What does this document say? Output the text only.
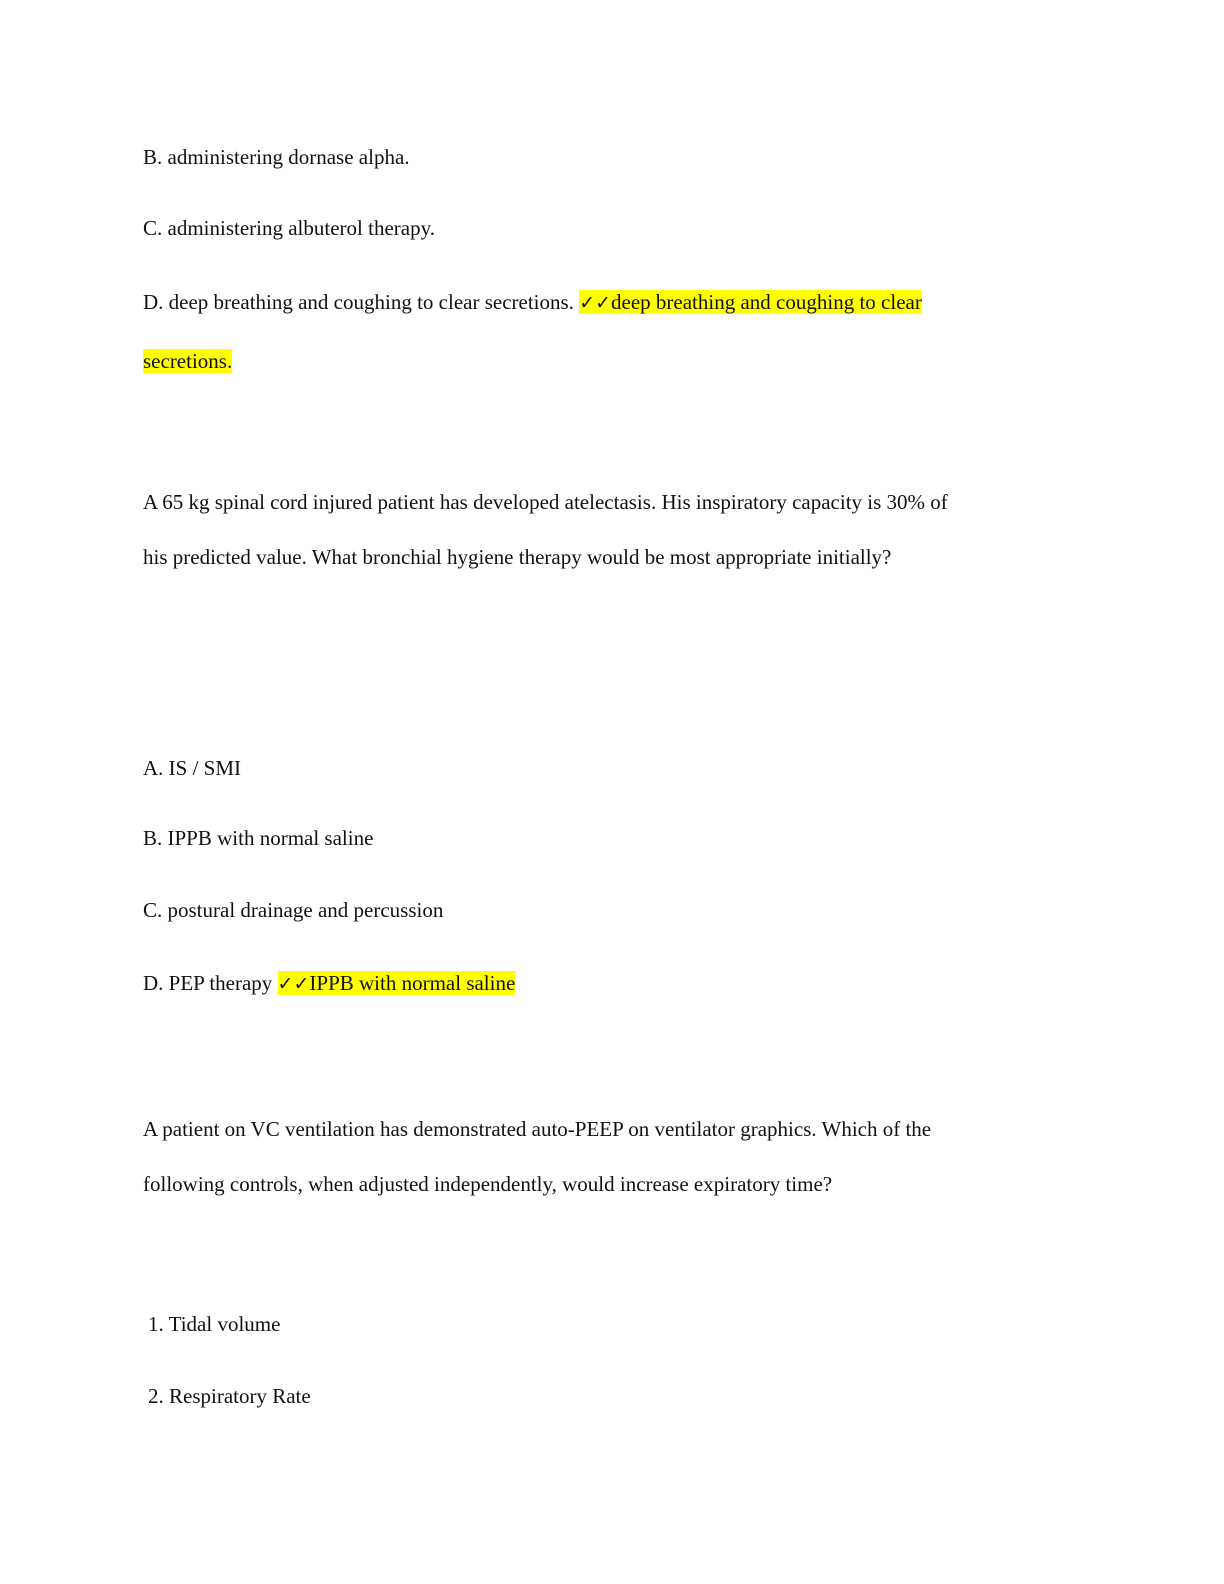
B. administering dornase alpha.
C. administering albuterol therapy.
D. deep breathing and coughing to clear secretions. ✓✓deep breathing and coughing to clear
secretions.
A 65 kg spinal cord injured patient has developed atelectasis. His inspiratory capacity is 30% of
his predicted value. What bronchial hygiene therapy would be most appropriate initially?
A. IS / SMI
B. IPPB with normal saline
C. postural drainage and percussion
D. PEP therapy ✓✓IPPB with normal saline
A patient on VC ventilation has demonstrated auto-PEEP on ventilator graphics. Which of the
following controls, when adjusted independently, would increase expiratory time?
1. Tidal volume
2. Respiratory Rate
